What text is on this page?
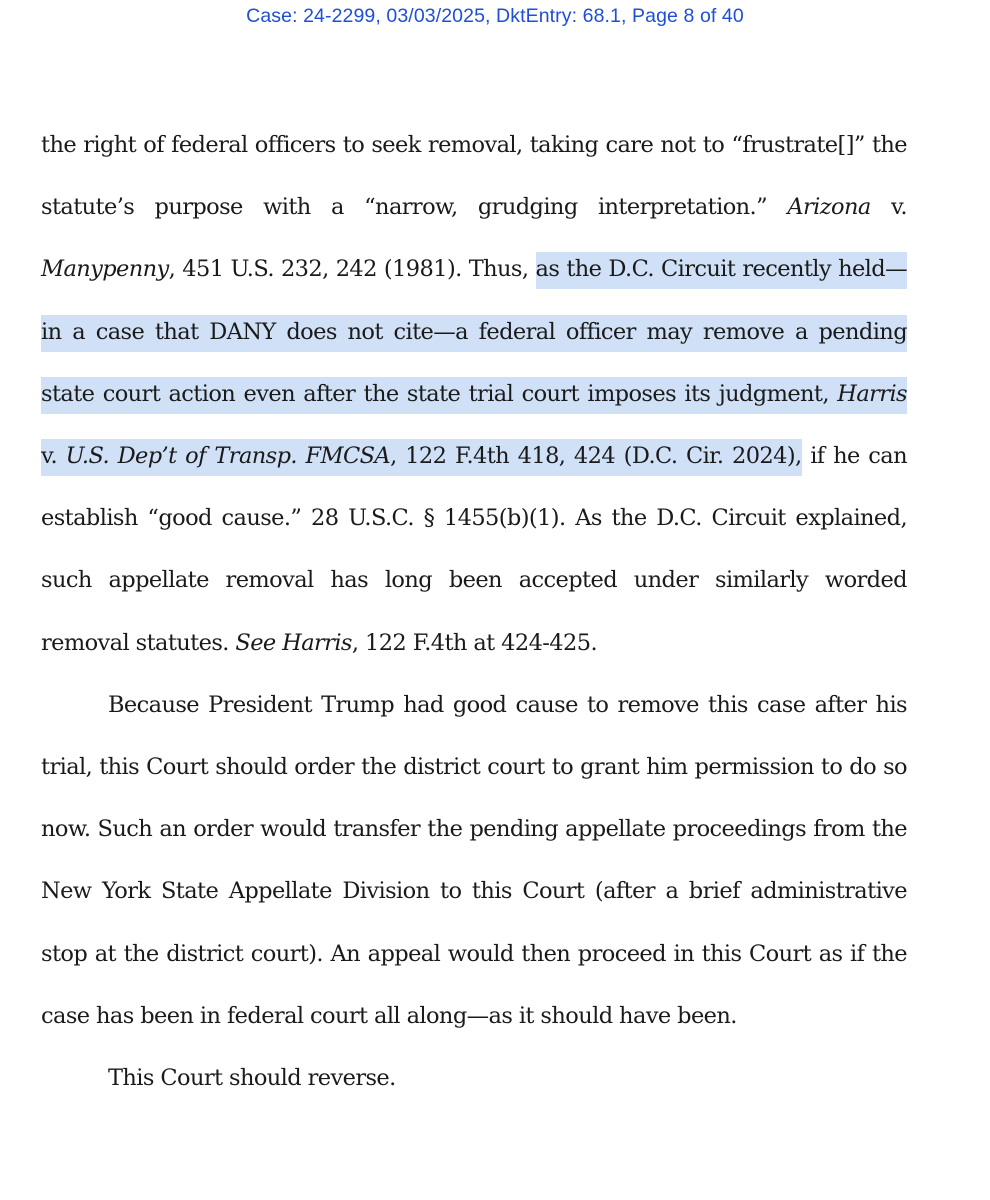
Case: 24-2299, 03/03/2025, DktEntry: 68.1, Page 8 of 40

the right of federal officers to seek removal, taking care not to “frustrate[]” the statute’s purpose with a “narrow, grudging interpretation.” Arizona v. Manypenny, 451 U.S. 232, 242 (1981). Thus, as the D.C. Circuit recently held—in a case that DANY does not cite—a federal officer may remove a pending state court action even after the state trial court imposes its judgment, Harris v. U.S. Dep’t of Transp. FMCSA, 122 F.4th 418, 424 (D.C. Cir. 2024), if he can establish “good cause.” 28 U.S.C. § 1455(b)(1). As the D.C. Circuit explained, such appellate removal has long been accepted under similarly worded removal statutes. See Harris, 122 F.4th at 424-425.

Because President Trump had good cause to remove this case after his trial, this Court should order the district court to grant him permission to do so now. Such an order would transfer the pending appellate proceedings from the New York State Appellate Division to this Court (after a brief administrative stop at the district court). An appeal would then proceed in this Court as if the case has been in federal court all along—as it should have been.

This Court should reverse.
